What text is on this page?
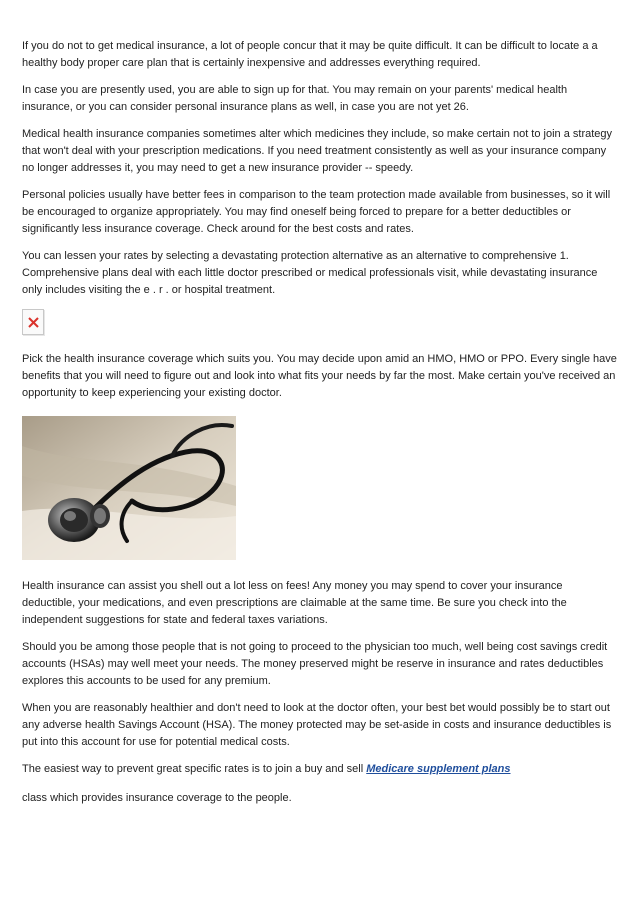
If you do not to get medical insurance, a lot of people concur that it may be quite difficult. It can be difficult to locate a a healthy body proper care plan that is certainly inexpensive and addresses everything required.

In case you are presently used, you are able to sign up for that. You may remain on your parents' medical health insurance, or you can consider personal insurance plans as well, in case you are not yet 26.

Medical health insurance companies sometimes alter which medicines they include, so make certain not to join a strategy that won't deal with your prescription medications. If you need treatment consistently as well as your insurance company no longer addresses it, you may need to get a new insurance provider -- speedy.

Personal policies usually have better fees in comparison to the team protection made available from businesses, so it will be encouraged to organize appropriately. You may find oneself being forced to prepare for a better deductibles or significantly less insurance coverage. Check around for the best costs and rates.

You can lessen your rates by selecting a devastating protection alternative as an alternative to comprehensive 1. Comprehensive plans deal with each little doctor prescribed or medical professionals visit, while devastating insurance only includes visiting the e . r . or hospital treatment.

Pick the health insurance coverage which suits you. You may decide upon amid an HMO, HMO or PPO. Every single have benefits that you will need to figure out and look into what fits your needs by far the most. Make certain you've received an opportunity to keep experiencing your existing doctor.

Health insurance can assist you shell out a lot less on fees! Any money you may spend to cover your insurance deductible, your medications, and even prescriptions are claimable at the same time. Be sure you check into the independent suggestions for state and federal taxes variations.

Should you be among those people that is not going to proceed to the physician too much, well being cost savings credit accounts (HSAs) may well meet your needs. The money preserved might be reserve in insurance and rates deductibles explores this accounts to be used for any premium.

When you are reasonably healthier and don't need to look at the doctor often, your best bet would possibly be to start out any adverse health Savings Account (HSA). The money protected may be set-aside in costs and insurance deductibles is put into this account for use for potential medical costs.

The easiest way to prevent great specific rates is to join a buy and sell Medicare supplement plans

class which provides insurance coverage to the people.
